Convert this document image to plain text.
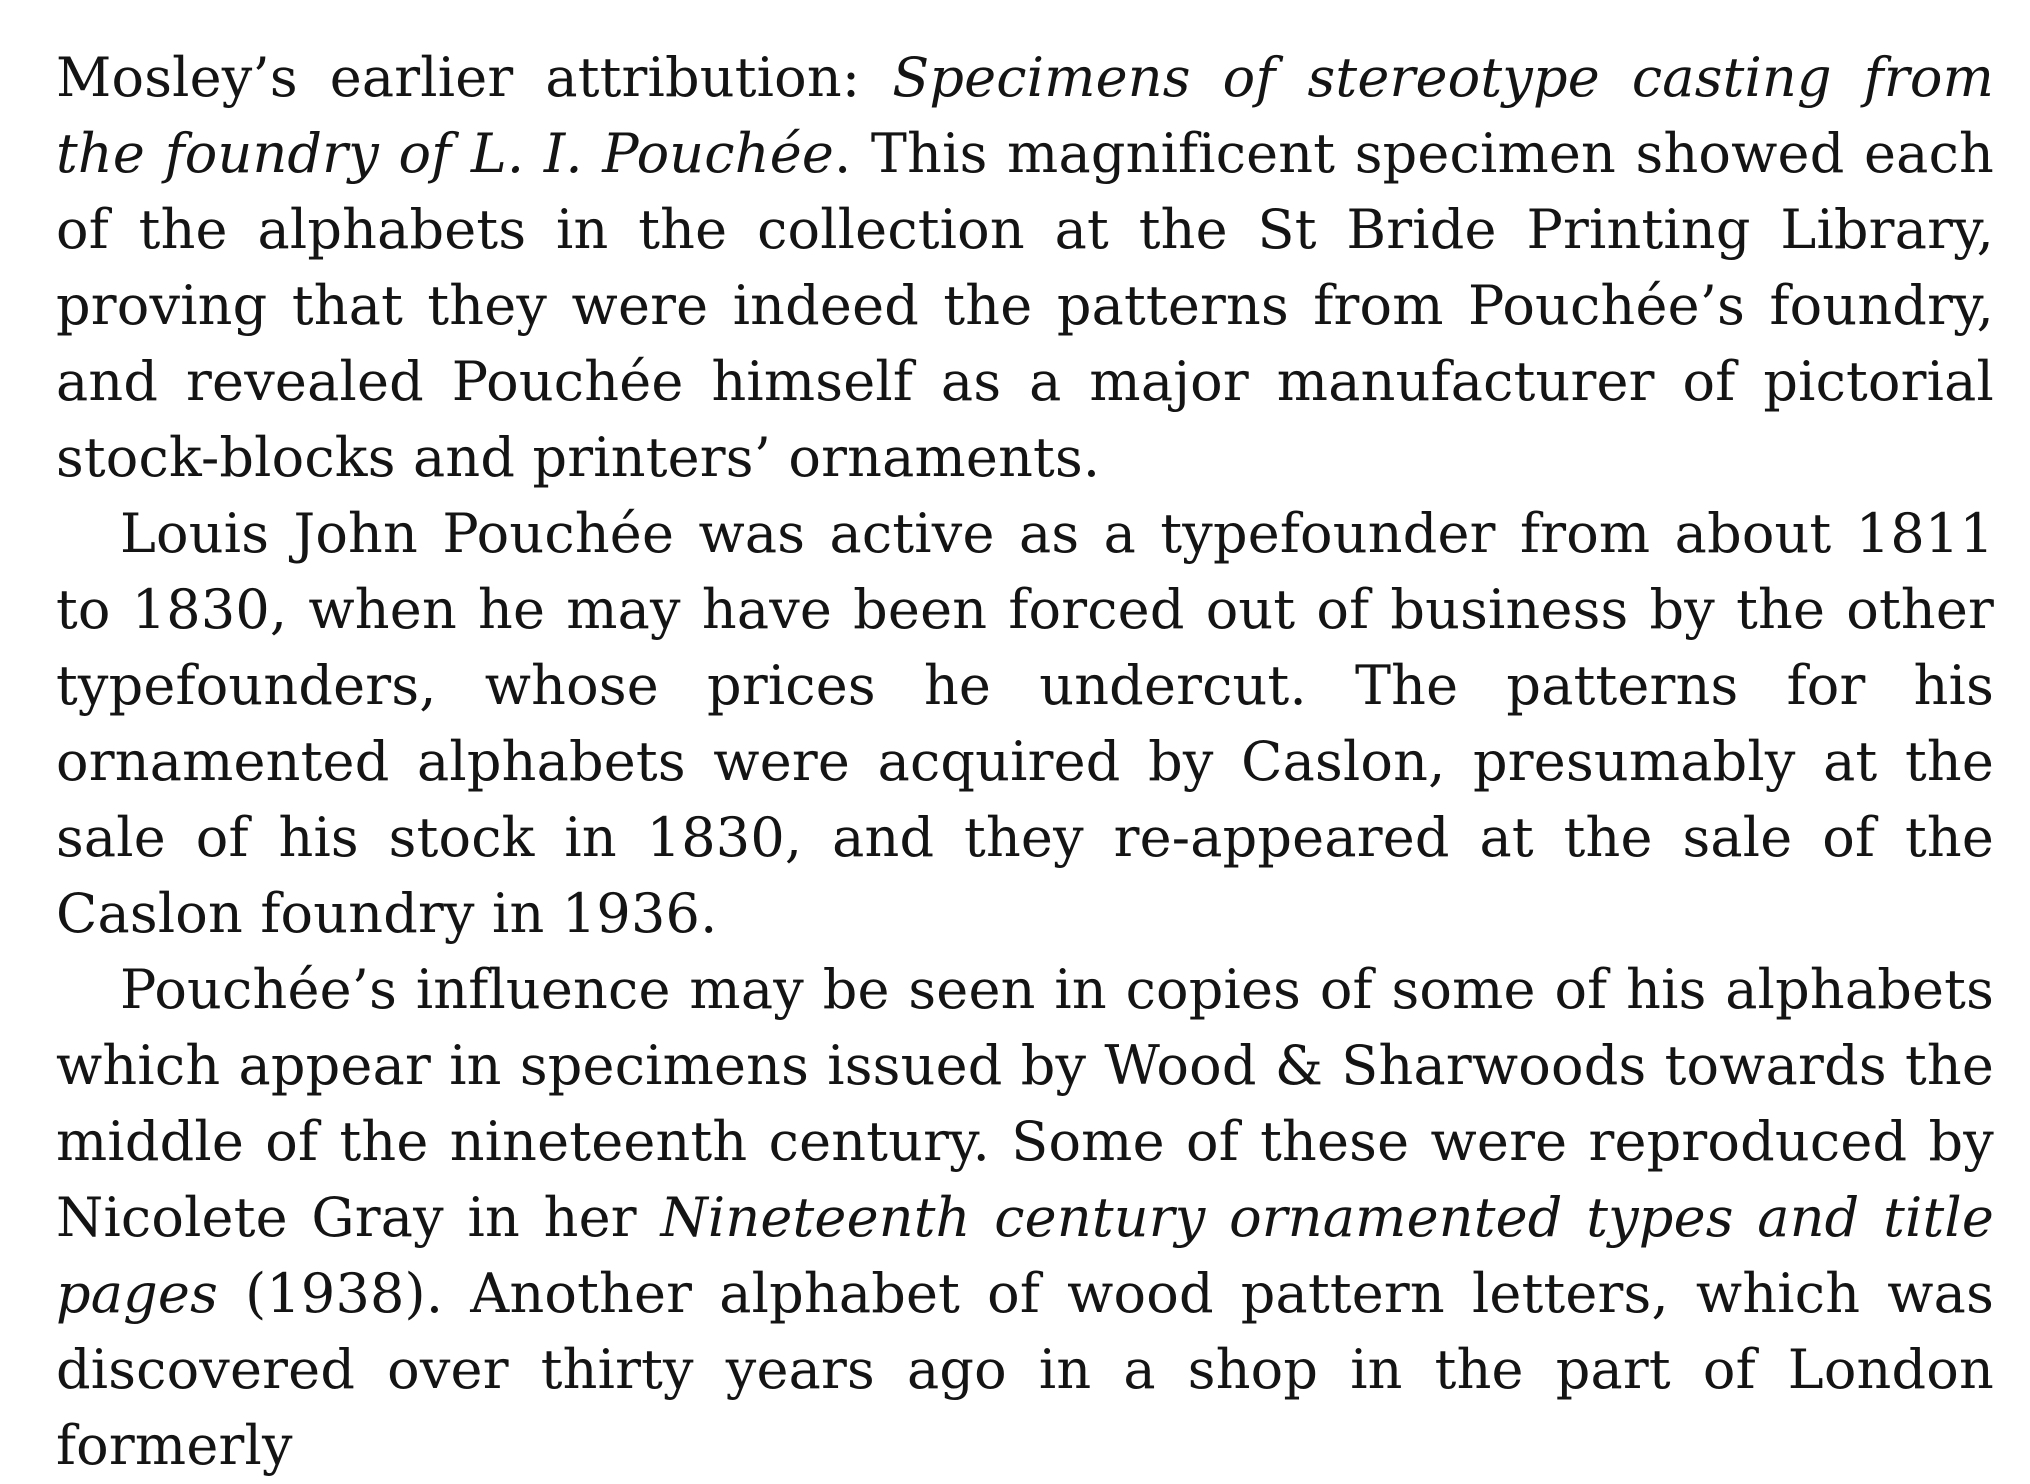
Mosley’s earlier attribution: Specimens of stereotype casting from the foundry of L. I. Pouchée. This magnificent specimen showed each of the alphabets in the collection at the St Bride Printing Library, proving that they were indeed the patterns from Pouchée’s foundry, and revealed Pouchée himself as a major manufacturer of pictorial stock-blocks and printers’ ornaments.

Louis John Pouchée was active as a typefounder from about 1811 to 1830, when he may have been forced out of business by the other typefounders, whose prices he undercut. The patterns for his ornamented alphabets were acquired by Caslon, presumably at the sale of his stock in 1830, and they re-appeared at the sale of the Caslon foundry in 1936.

Pouchée’s influence may be seen in copies of some of his alphabets which appear in specimens issued by Wood & Sharwoods towards the middle of the nineteenth century. Some of these were reproduced by Nicolete Gray in her Nineteenth century ornamented types and title pages (1938). Another alphabet of wood pattern letters, which was discovered over thirty years ago in a shop in the part of London formerly
